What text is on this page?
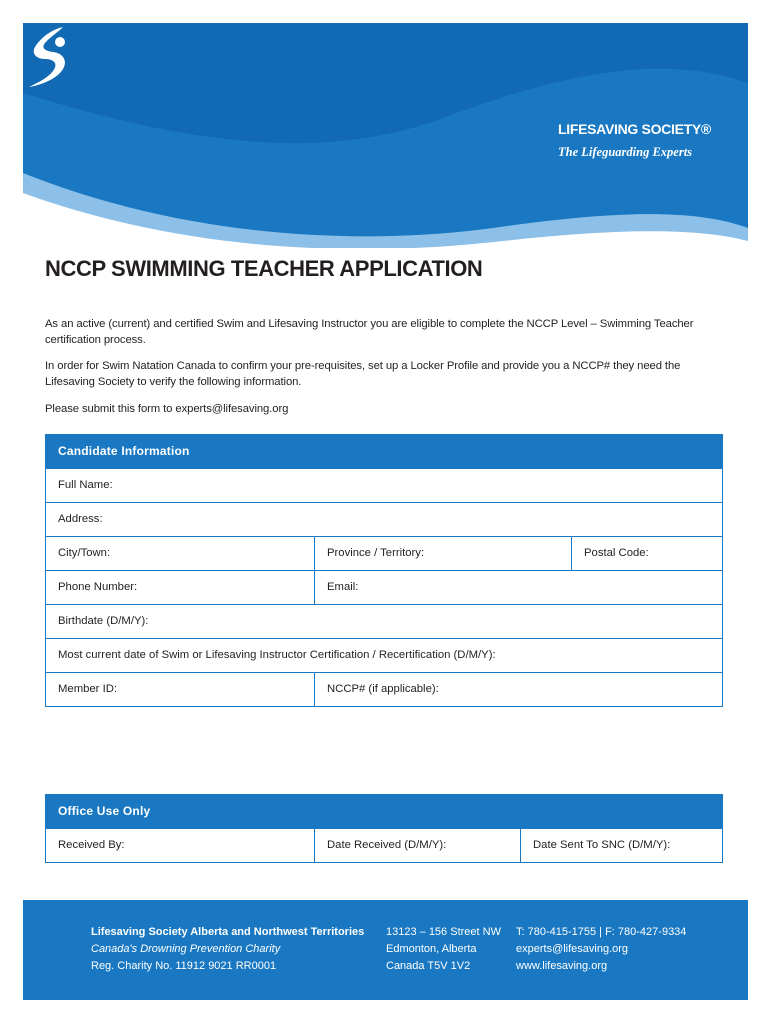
LIFESAVING SOCIETY®
The Lifeguarding Experts
NCCP SWIMMING TEACHER APPLICATION

As an active (current) and certified Swim and Lifesaving Instructor you are eligible to complete the NCCP Level – Swimming Teacher certification process.

In order for Swim Natation Canada to confirm your pre-requisites, set up a Locker Profile and provide you a NCCP# they need the Lifesaving Society to verify the following information.

Please submit this form to experts@lifesaving.org

Candidate Information
Full Name:
Address:
City/Town:	Province / Territory:	Postal Code:
Phone Number:	Email:
Birthdate (D/M/Y):
Most current date of Swim or Lifesaving Instructor Certification / Recertification (D/M/Y):
Member ID:	NCCP# (if applicable):
Office Use Only
Received By:	Date Received (D/M/Y):	Date Sent To SNC (D/M/Y):
Lifesaving Society Alberta and Northwest Territories
Canada's Drowning Prevention Charity
Reg. Charity No. 11912 9021 RR0001
13123 – 156 Street NW
Edmonton, Alberta
Canada T5V 1V2
T: 780-415-1755 | F: 780-427-9334
experts@lifesaving.org
www.lifesaving.org
